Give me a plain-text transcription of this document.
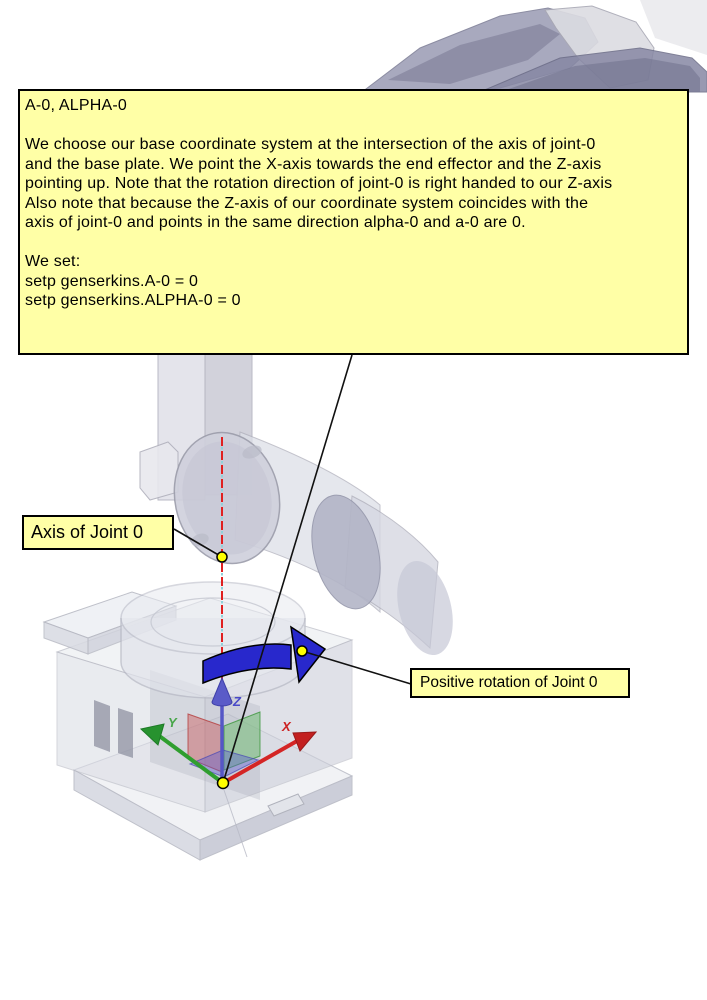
Y	X
Z
A-0, ALPHA-0
We choose our base coordinate system at the intersection of the axis of joint-0
and the base plate. We point the X-axis towards the end effector and the Z-axis
pointing up. Note that the rotation direction of joint-0 is right handed to our Z-axis
Also note that because the Z-axis of our coordinate system coincides with the
axis of joint-0 and points in the same direction alpha-0 and a-0 are 0.
We set:
setp genserkins.A-0 = 0
setp genserkins.ALPHA-0 = 0
Axis of Joint 0
Positive rotation of Joint 0
